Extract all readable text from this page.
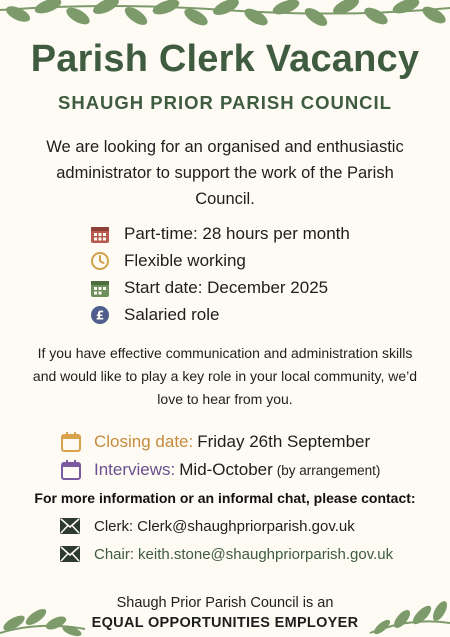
Parish Clerk Vacancy
SHAUGH PRIOR PARISH COUNCIL
We are looking for an organised and enthusiastic administrator to support the work of the Parish Council.
Part-time: 28 hours per month
Flexible working
Start date: December 2025
£ Salaried role
If you have effective communication and administration skills and would like to play a key role in your local community, we’d love to hear from you.
Closing date: Friday 26th September
Interviews: Mid-October (by arrangement)
For more information or an informal chat, please contact:
Clerk: Clerk@shaughpriorparish.gov.uk
Chair: keith.stone@shaughpriorparish.gov.uk
Shaugh Prior Parish Council is an
EQUAL OPPORTUNITIES EMPLOYER
